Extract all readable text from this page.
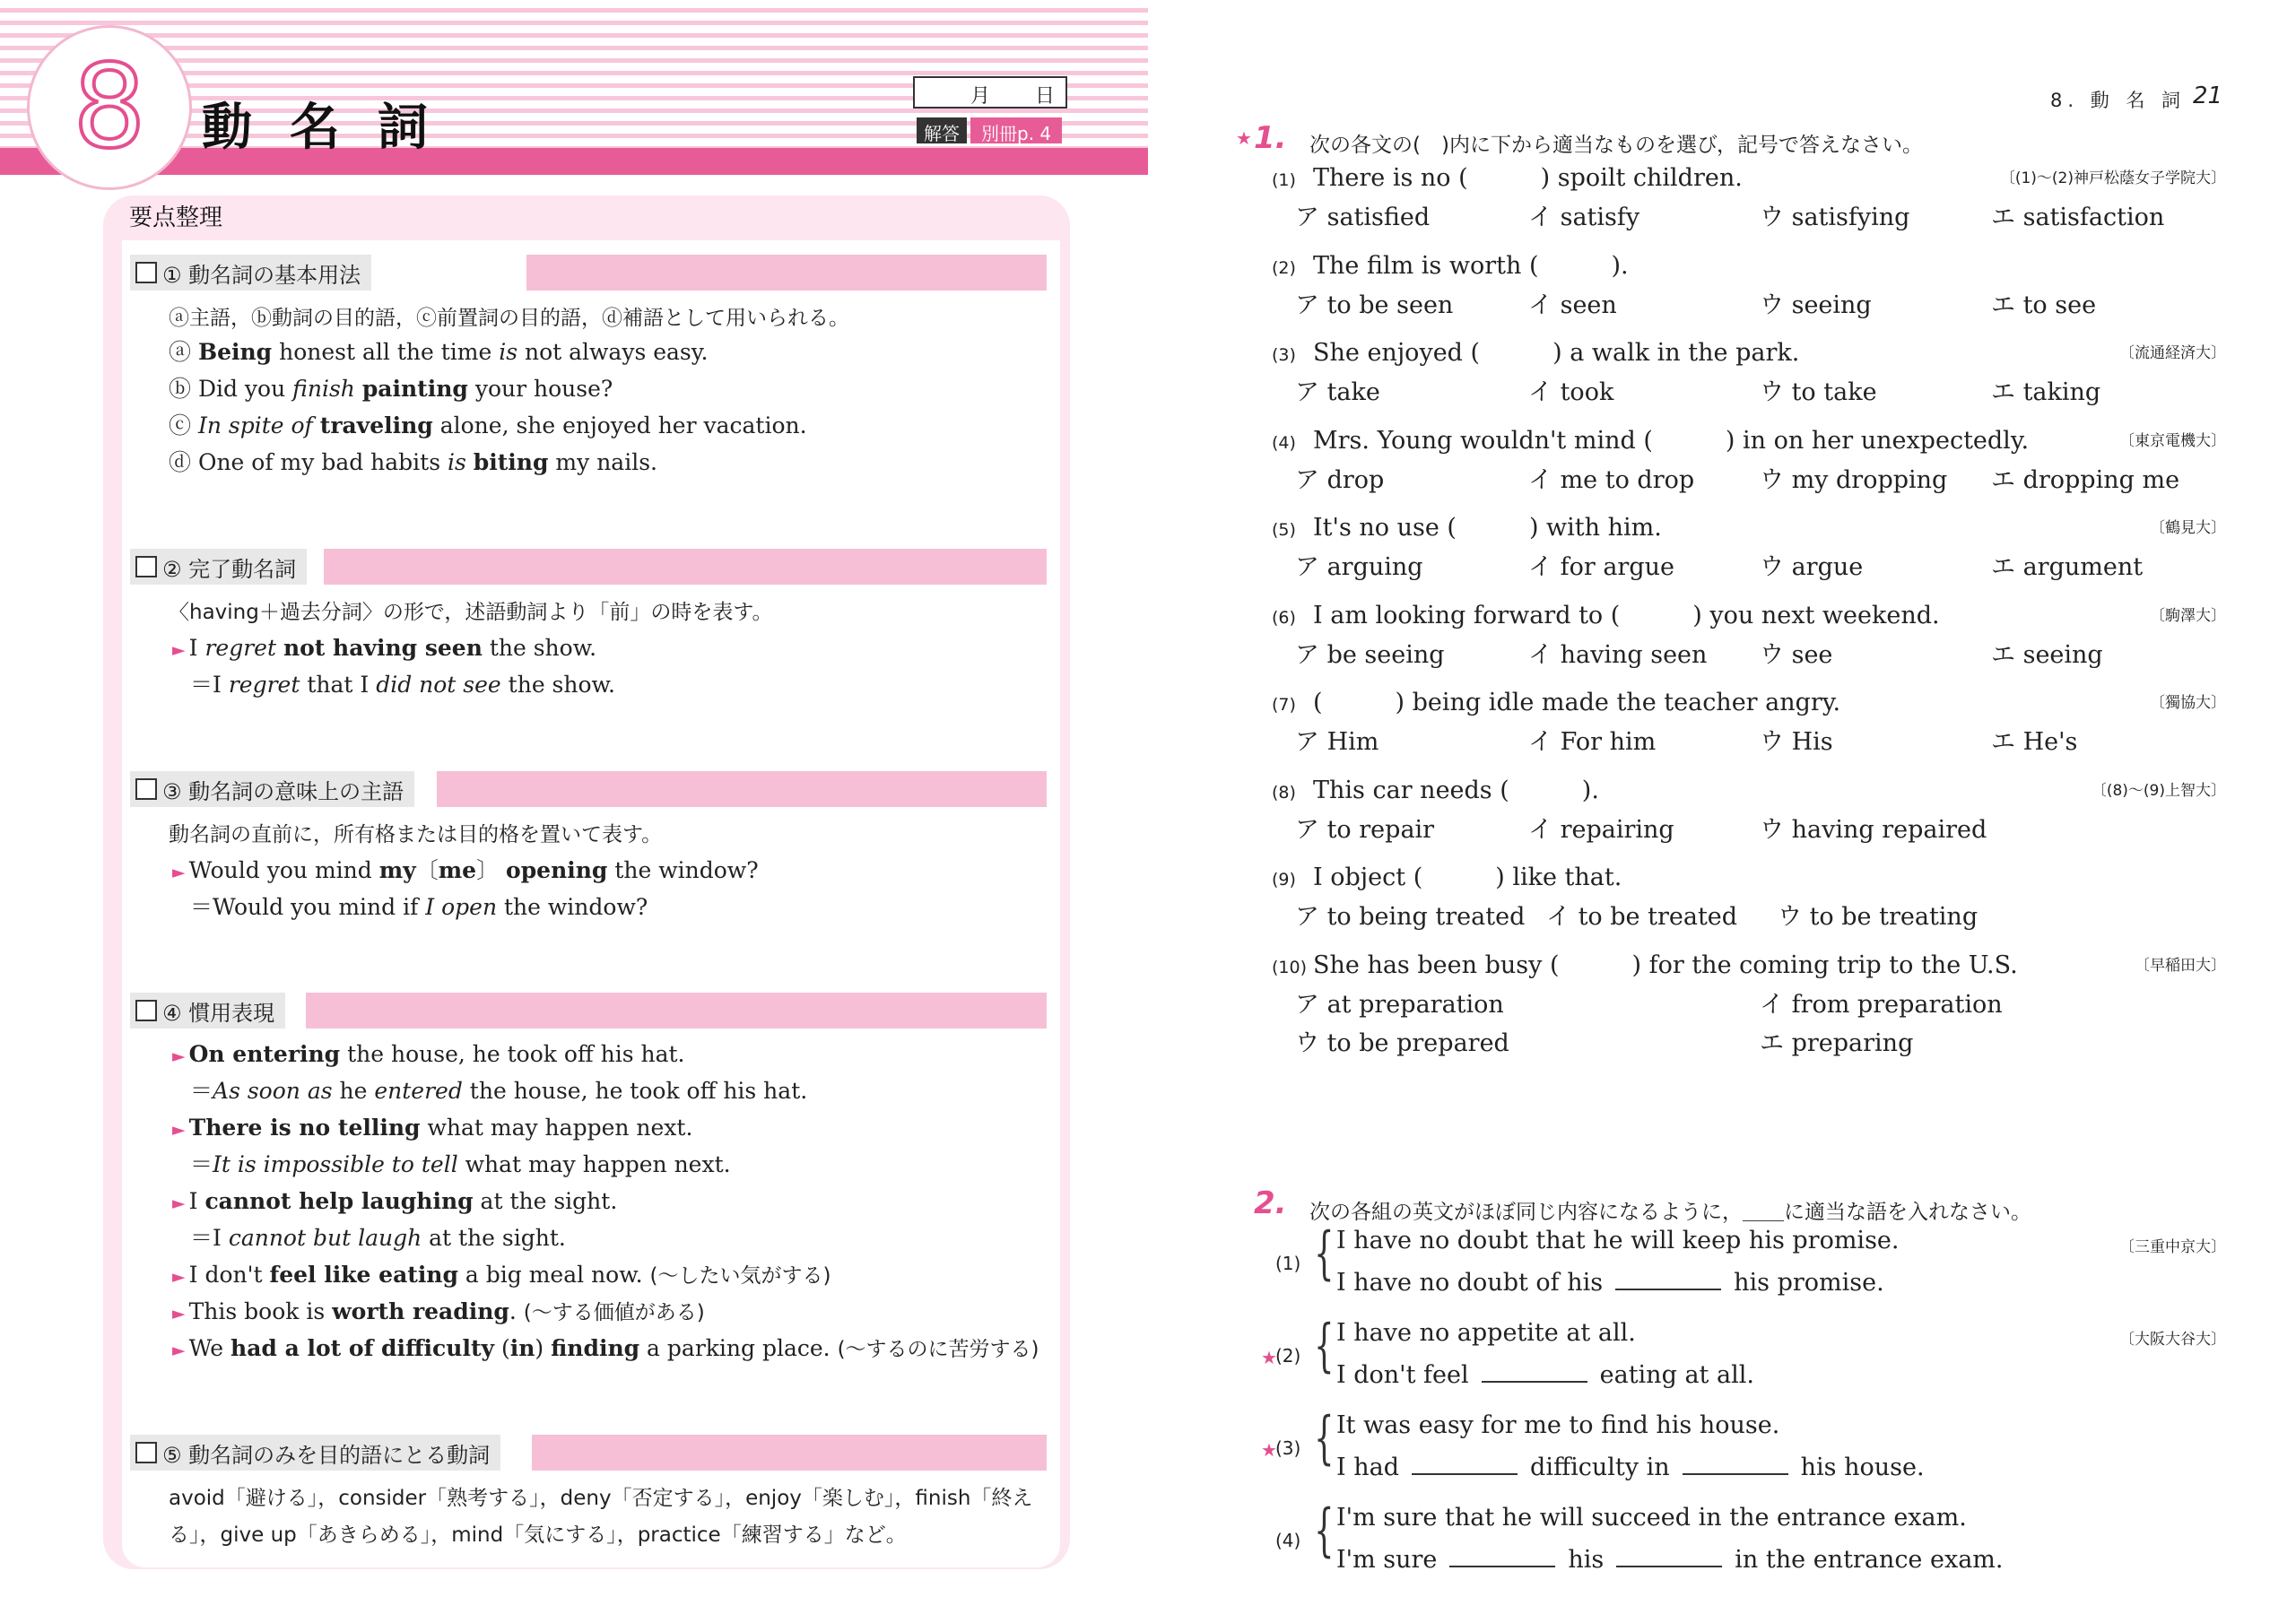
8 動名詞
月 日
解答	別冊p. 4
要点整理
① 動名詞の基本用法
ⓐ主語，ⓑ動詞の目的語，ⓒ前置詞の目的語，ⓓ補語として用いられる。
ⓐ Being honest all the time is not always easy.
ⓑ Did you finish painting your house?
ⓒ In spite of traveling alone, she enjoyed her vacation.
ⓓ One of my bad habits is biting my nails.
② 完了動名詞
〈having＋過去分詞〉の形で，述語動詞より「前」の時を表す。
► I regret not having seen the show.
＝I regret that I did not see the show.
③ 動名詞の意味上の主語
動名詞の直前に，所有格または目的格を置いて表す。
► Would you mind my〔me〕 opening the window?
＝Would you mind if I open the window?
④ 慣用表現
► On entering the house, he took off his hat.
＝As soon as he entered the house, he took off his hat.
► There is no telling what may happen next.
＝It is impossible to tell what may happen next.
► I cannot help laughing at the sight.
＝I cannot but laugh at the sight.
► I don't feel like eating a big meal now. (〜したい気がする)
► This book is worth reading. (〜する価値がある)
► We had a lot of difficulty (in) finding a parking place. (〜するのに苦労する)
⑤ 動名詞のみを目的語にとる動詞
avoid「避ける」，consider「熟考する」，deny「否定する」，enjoy「楽しむ」，finish「終え
る」，give up「あきらめる」，mind「気にする」，practice「練習する」など。
8. 動 名 詞 21
★ 1. 次の各文の(　)内に下から適当なものを選び，記号で答えなさい。
(1) There is no (　　　) spoilt children.	〔(1)〜(2)神戸松蔭女子学院大〕
ア satisfied	イ satisfy	ウ satisfying	エ satisfaction
(2) The film is worth (　　　).
ア to be seen	イ seen	ウ seeing	エ to see
(3) She enjoyed (　　　) a walk in the park.	〔流通経済大〕
ア take	イ took	ウ to take	エ taking
(4) Mrs. Young wouldn't mind (　　　) in on her unexpectedly.	〔東京電機大〕
ア drop	イ me to drop	ウ my dropping エ dropping me
(5) It's no use (　　　) with him.	〔鶴見大〕
ア arguing	イ for argue	ウ argue	エ argument
(6) I am looking forward to (　　　) you next weekend.	〔駒澤大〕
ア be seeing	イ having seen ウ see	エ seeing
(7) (　　　) being idle made the teacher angry.	〔獨協大〕
ア Him	イ For him	ウ His	エ He's
(8) This car needs (　　　).	〔(8)〜(9)上智大〕
ア to repair	イ repairing	ウ having repaired
(9) I object (　　　) like that.
ア to being treated イ to be treated ウ to be treating
(10) She has been busy (　　　) for the coming trip to the U.S.	〔早稲田大〕
ア at preparation	イ from preparation
ウ to be prepared	エ preparing
2. 次の各組の英文がほぼ同じ内容になるように，＿＿に適当な語を入れなさい。
(1) { I have no doubt that he will keep his promise.	〔三重中京大〕
I have no doubt of his	his promise.
★
(2) { I have no appetite at all.	〔大阪大谷大〕
I don't feel	eating at all.
★
(3) { It was easy for me to find his house.
I had	difficulty in	his house.
(4) { I'm sure that he will succeed in the entrance exam.
I'm sure	his	in the entrance exam.
